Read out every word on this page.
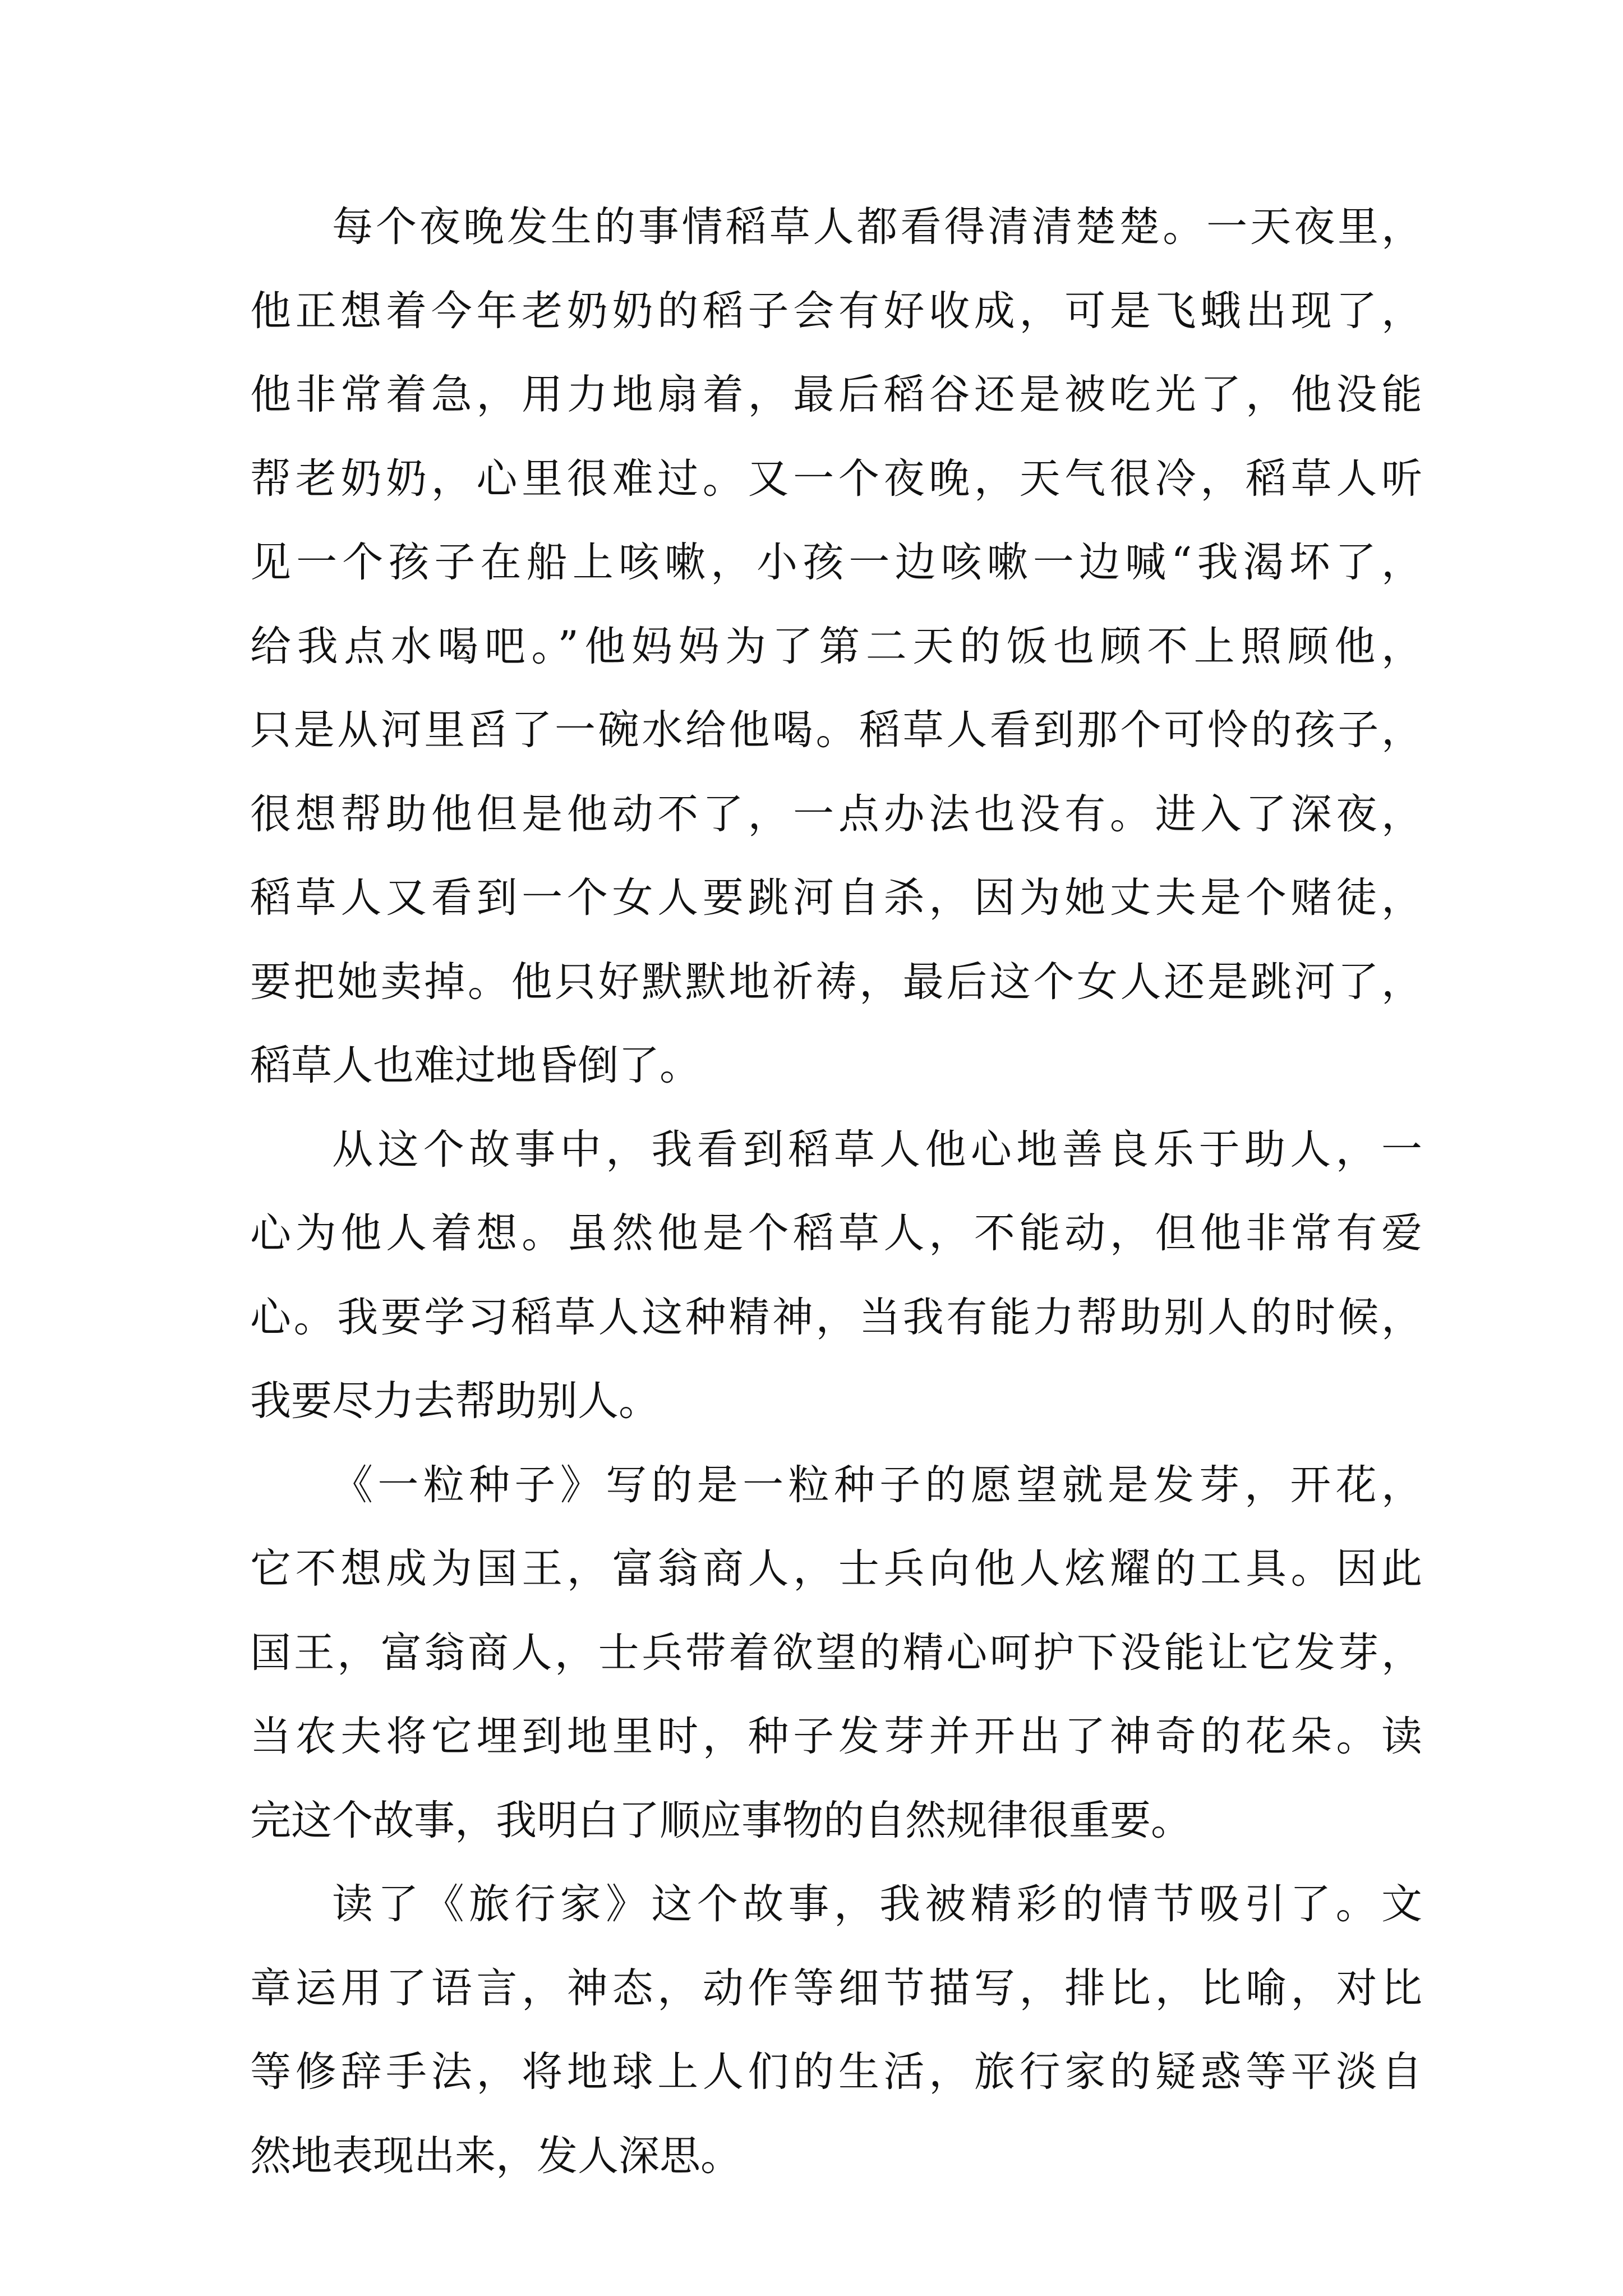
每个夜晚发生的事情稻草人都看得清清楚楚。一天夜里，

他正想着今年老奶奶的稻子会有好收成，可是飞蛾出现了，

他非常着急，用力地扇着，最后稻谷还是被吃光了，他没能

帮老奶奶，心里很难过。又一个夜晚，天气很冷，稻草人听

见一个孩子在船上咳嗽，小孩一边咳嗽一边喊“我渴坏了，

给我点水喝吧。”他妈妈为了第二天的饭也顾不上照顾他，

只是从河里舀了一碗水给他喝。稻草人看到那个可怜的孩子，

很想帮助他但是他动不了，一点办法也没有。进入了深夜，

稻草人又看到一个女人要跳河自杀，因为她丈夫是个赌徒，

要把她卖掉。他只好默默地祈祷，最后这个女人还是跳河了，

稻草人也难过地昏倒了。

从这个故事中，我看到稻草人他心地善良乐于助人，一

心为他人着想。虽然他是个稻草人，不能动，但他非常有爱

心。我要学习稻草人这种精神，当我有能力帮助别人的时候，

我要尽力去帮助别人。

《一粒种子》写的是一粒种子的愿望就是发芽，开花，

它不想成为国王，富翁商人，士兵向他人炫耀的工具。因此

国王，富翁商人，士兵带着欲望的精心呵护下没能让它发芽，

当农夫将它埋到地里时，种子发芽并开出了神奇的花朵。读

完这个故事，我明白了顺应事物的自然规律很重要。

读了《旅行家》这个故事，我被精彩的情节吸引了。文

章运用了语言，神态，动作等细节描写，排比，比喻，对比

等修辞手法，将地球上人们的生活，旅行家的疑惑等平淡自

然地表现出来，发人深思。
